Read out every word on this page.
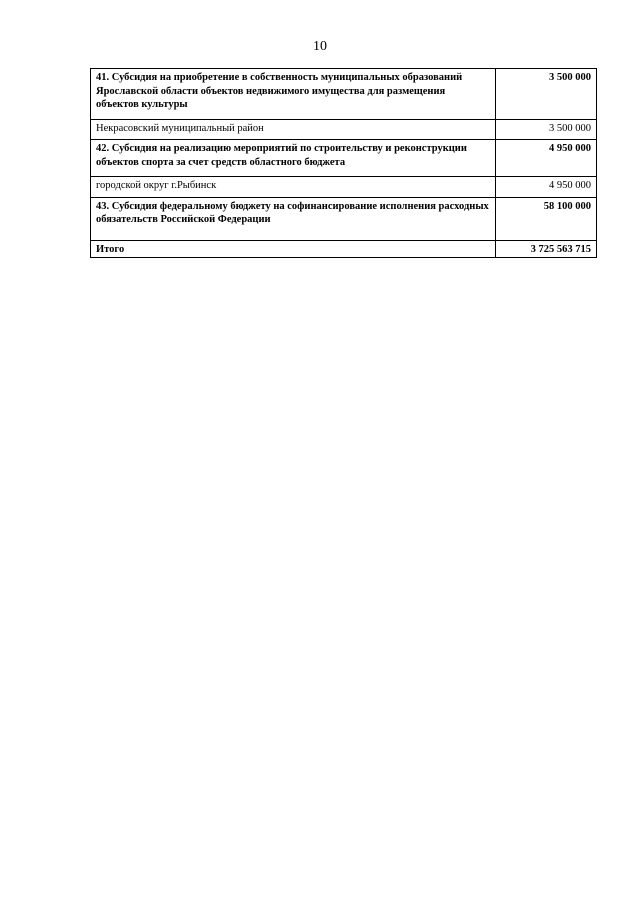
10
41. Субсидия на приобретение в собственность муниципальных образований Ярославской области объектов недвижимого имущества для размещения объектов культуры	3 500 000
Некрасовский муниципальный район	3 500 000
42. Субсидия на реализацию мероприятий по строительству и реконструкции объектов спорта за счет средств областного бюджета	4 950 000
городской округ г.Рыбинск	4 950 000
43. Субсидия федеральному бюджету на софинансирование исполнения расходных обязательств Российской Федерации	58 100 000
Итого	3 725 563 715
